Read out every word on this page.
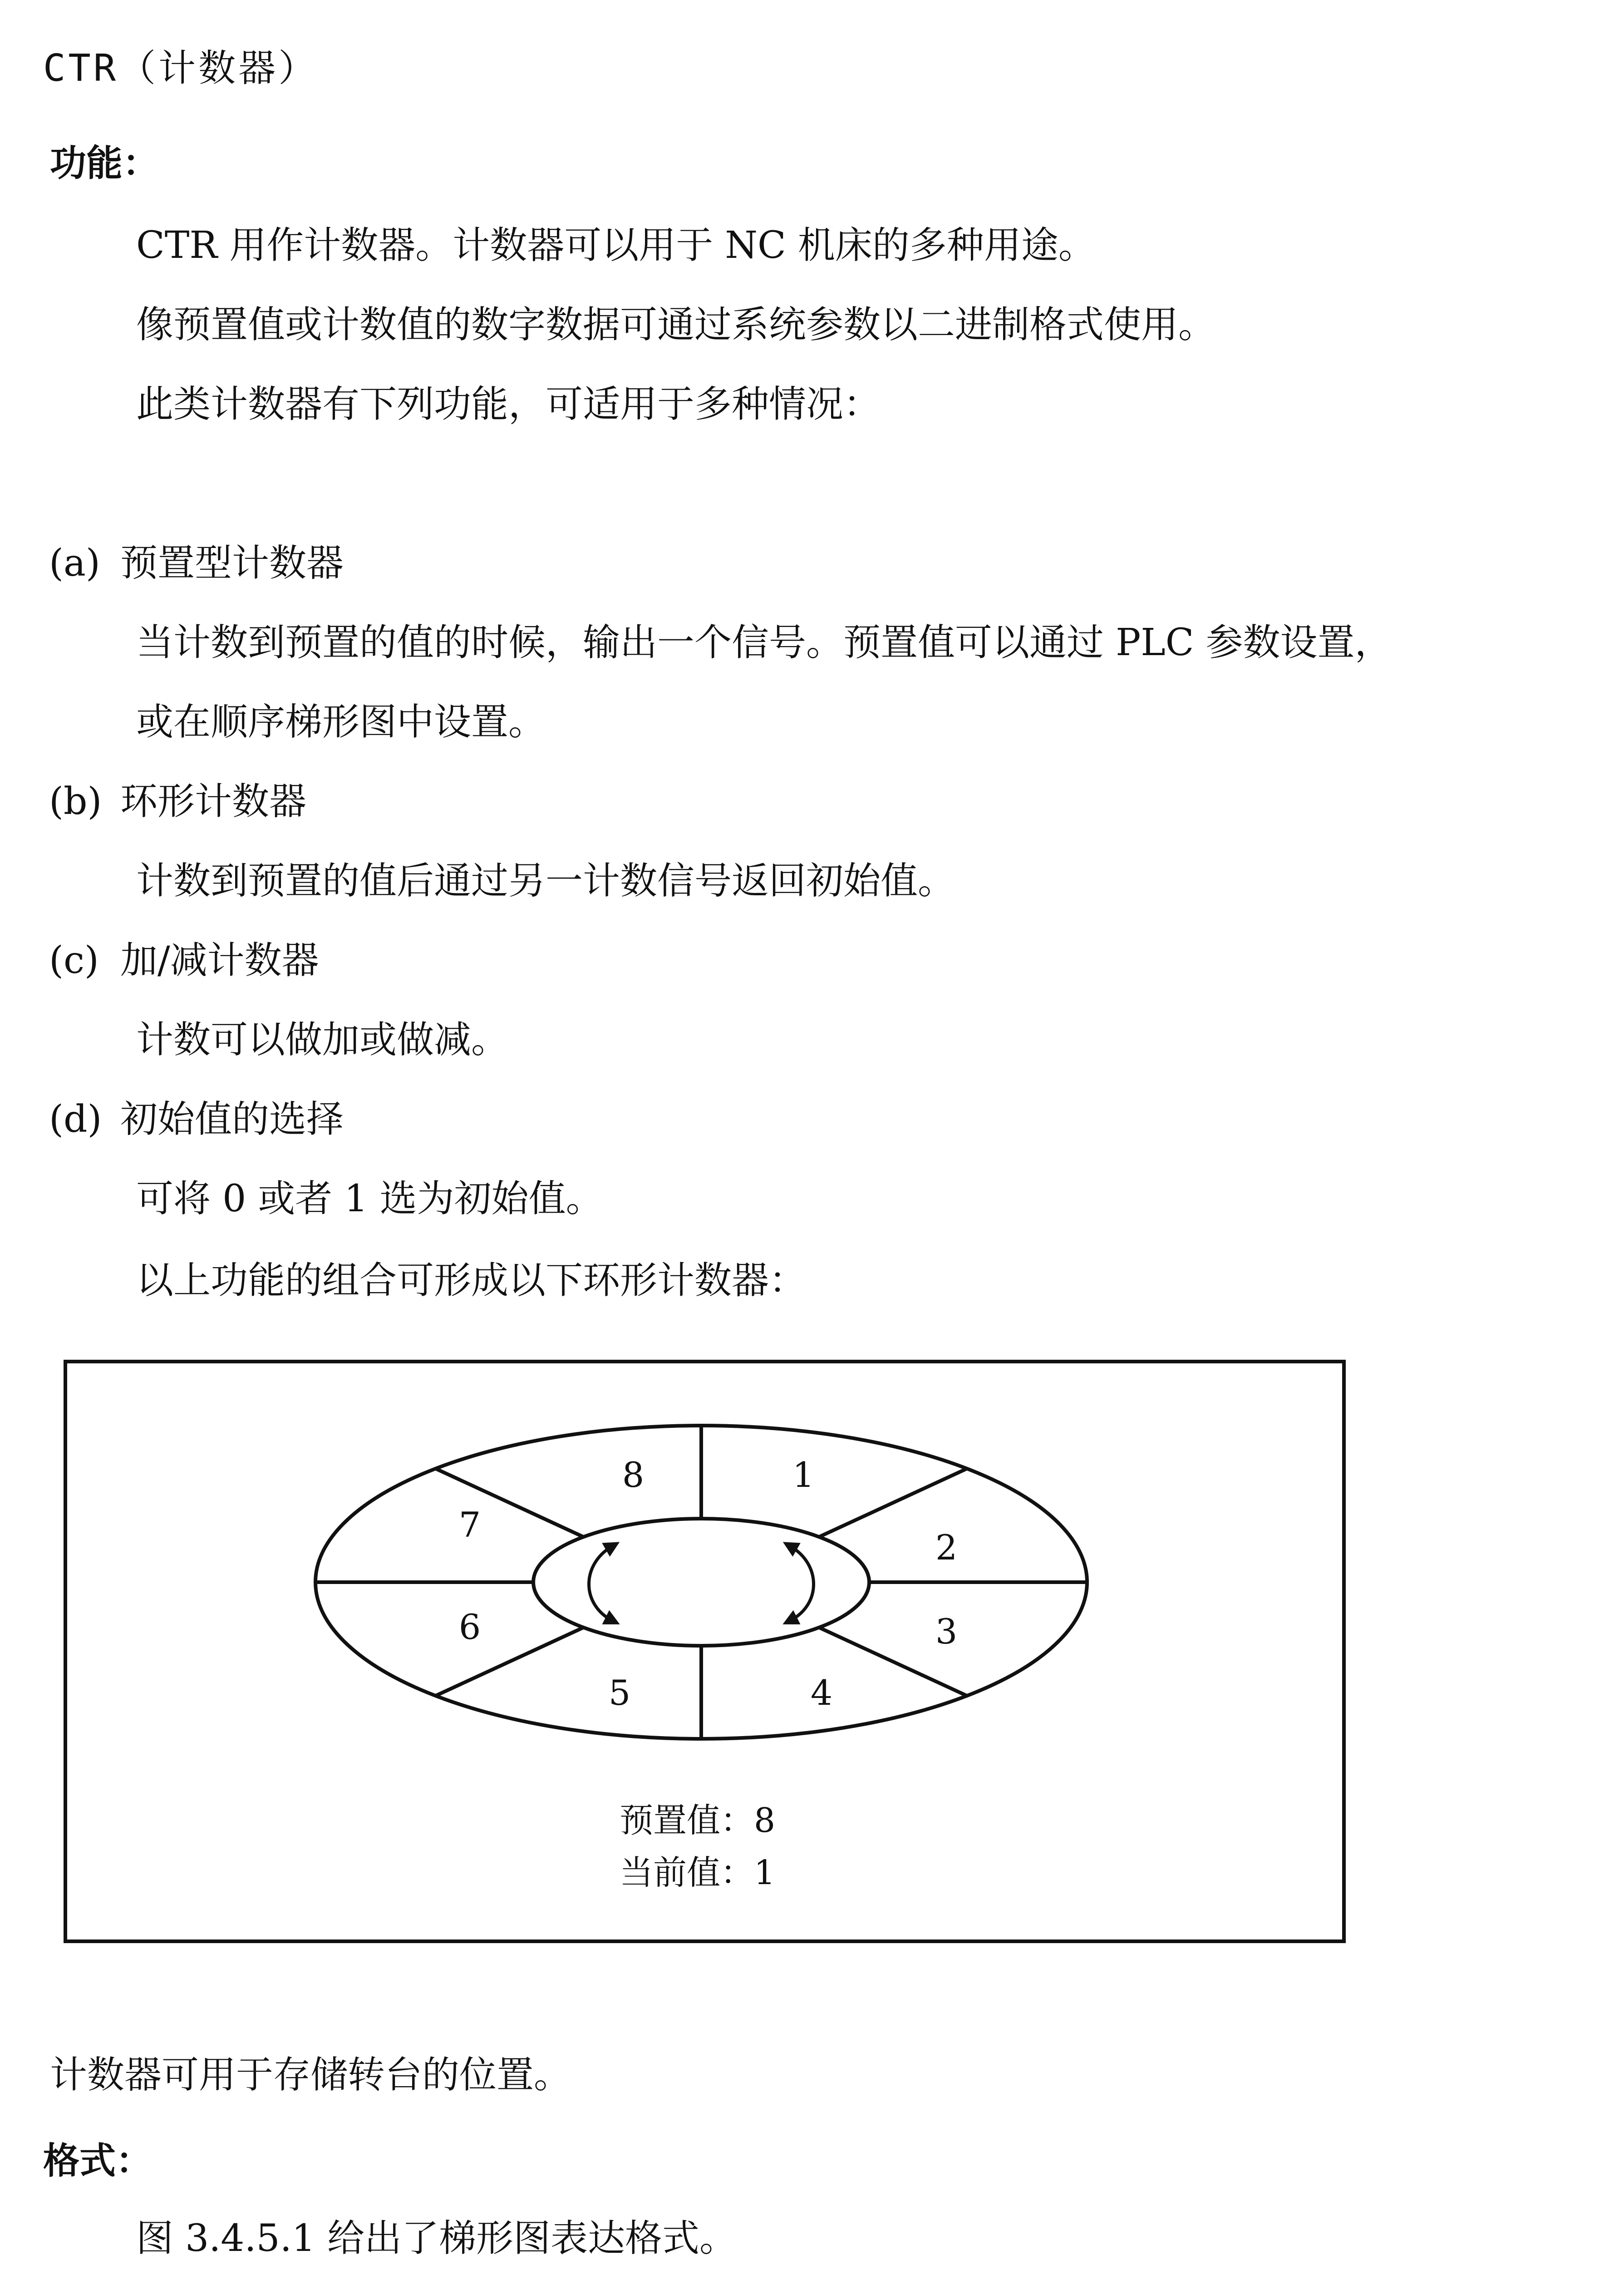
CTR（计数器）
功能：
CTR 用作计数器。计数器可以用于 NC 机床的多种用途。
像预置值或计数值的数字数据可通过系统参数以二进制格式使用。
此类计数器有下列功能，可适用于多种情况：
(a) 预置型计数器
当计数到预置的值的时候，输出一个信号。预置值可以通过 PLC 参数设置，
或在顺序梯形图中设置。
(b) 环形计数器
计数到预置的值后通过另一计数信号返回初始值。
(c) 加/减计数器
计数可以做加或做减。
(d) 初始值的选择
可将 0 或者 1 选为初始值。
以上功能的组合可形成以下环形计数器：
1
2
3
4
5
6
7
8
预置值：8
当前值：1
计数器可用于存储转台的位置。
格式：
图 3.4.5.1 给出了梯形图表达格式。
